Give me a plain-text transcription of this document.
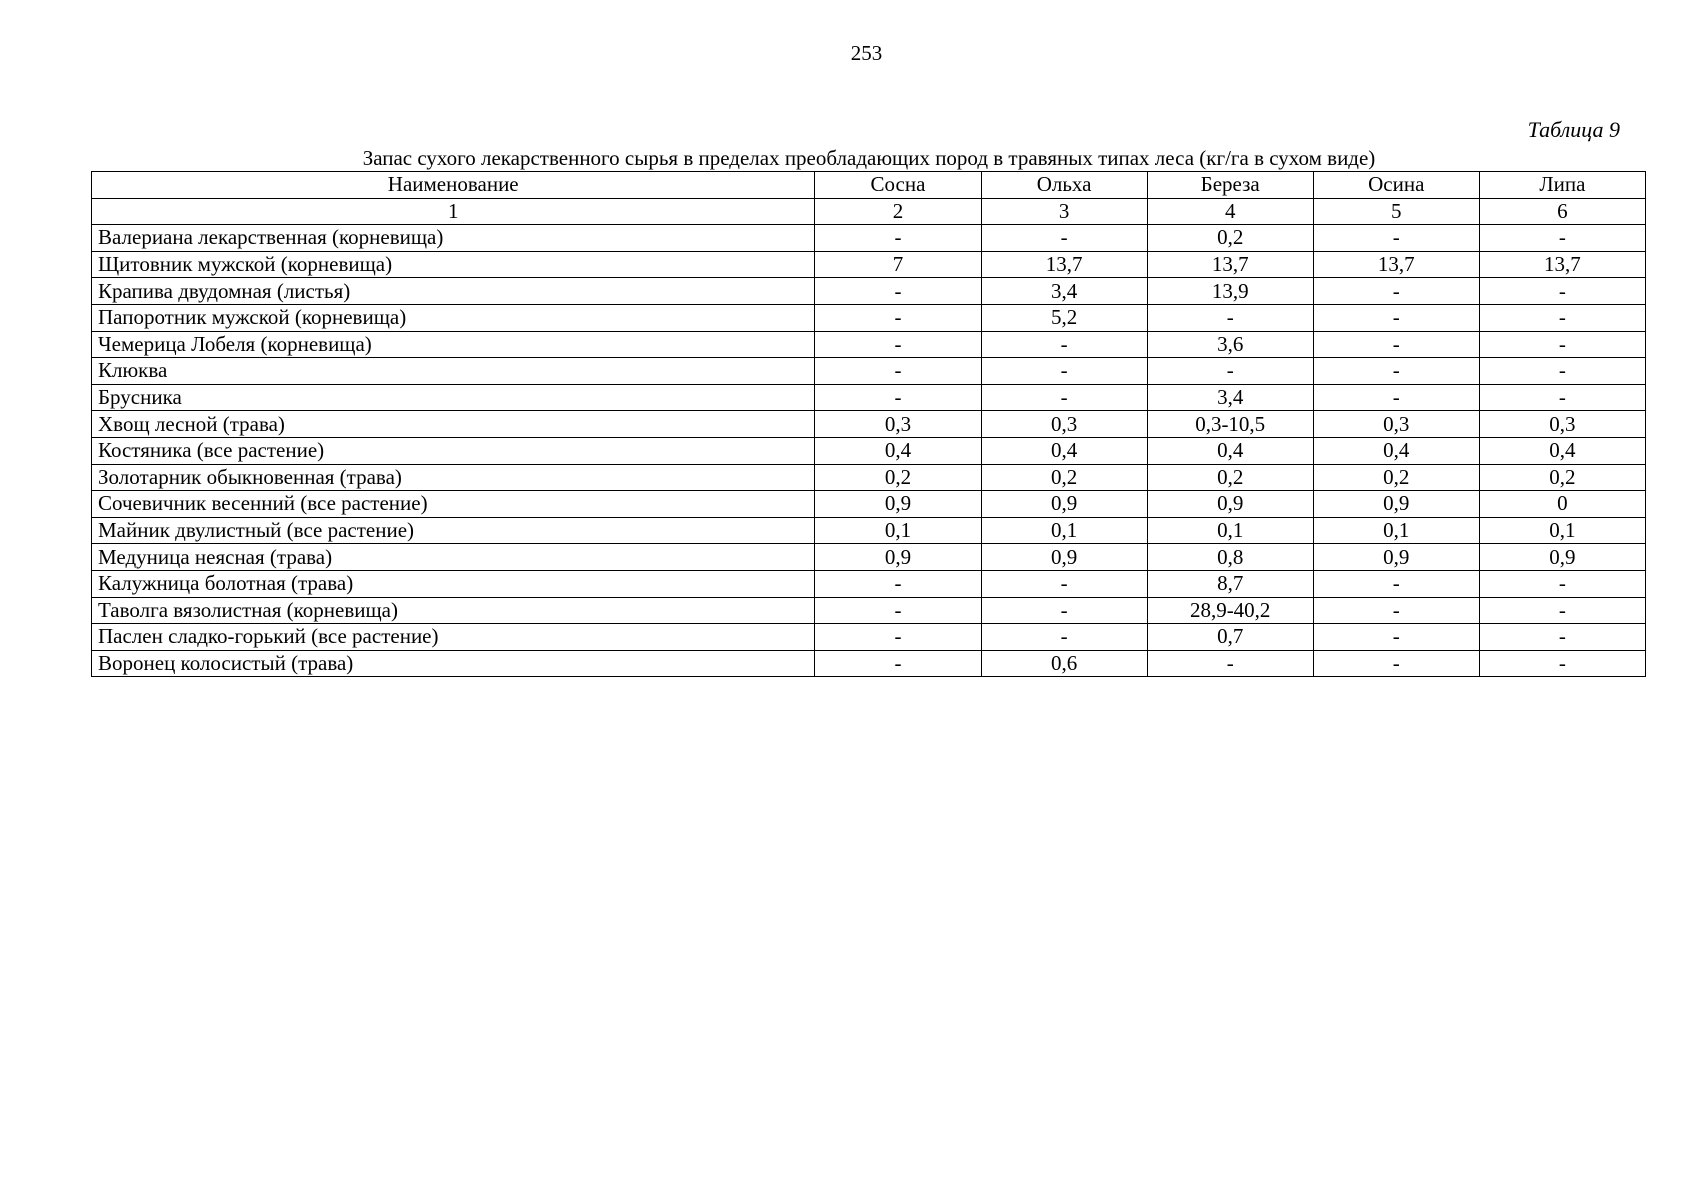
253
Таблица 9
Запас сухого лекарственного сырья в пределах преобладающих пород в травяных типах леса (кг/га в сухом виде)
Наименование	Сосна	Ольха	Береза	Осина	Липа
1	2	3	4	5	6
Валериана лекарственная (корневища)	-	-	0,2	-	-
Щитовник мужской (корневища)	7	13,7	13,7	13,7	13,7
Крапива двудомная (листья)	-	3,4	13,9	-	-
Папоротник мужской (корневища)	-	5,2	-	-	-
Чемерица Лобеля (корневища)	-	-	3,6	-	-
Клюква	-	-	-	-	-
Брусника	-	-	3,4	-	-
Хвощ лесной (трава)	0,3	0,3	0,3-10,5	0,3	0,3
Костяника (все растение)	0,4	0,4	0,4	0,4	0,4
Золотарник обыкновенная (трава)	0,2	0,2	0,2	0,2	0,2
Сочевичник весенний (все растение)	0,9	0,9	0,9	0,9	0
Майник двулистный (все растение)	0,1	0,1	0,1	0,1	0,1
Медуница неясная (трава)	0,9	0,9	0,8	0,9	0,9
Калужница болотная (трава)	-	-	8,7	-	-
Таволга вязолистная (корневища)	-	-	28,9-40,2	-	-
Паслен сладко-горький (все растение)	-	-	0,7	-	-
Воронец колосистый (трава)	-	0,6	-	-	-
